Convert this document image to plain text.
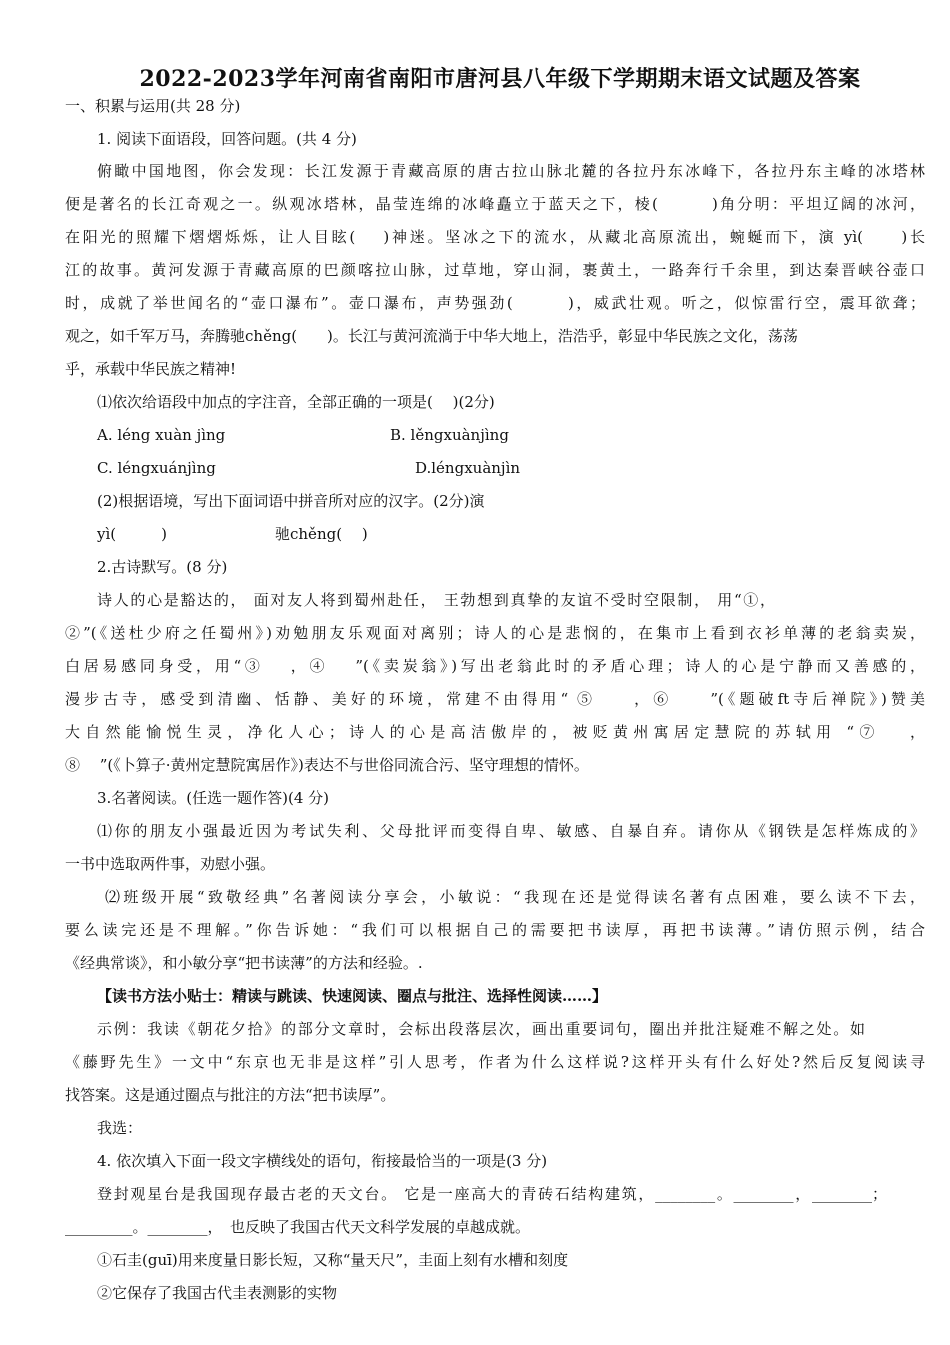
2022-2023学年河南省南阳市唐河县八年级下学期期末语文试题及答案
一、积累与运用(共 28 分)
1. 阅读下面语段，回答问题。(共 4 分)
俯瞰中国地图，你会发现：长江发源于青藏高原的唐古拉山脉北麓的各拉丹东冰峰下，各拉丹东主峰的冰塔林
便是著名的长江奇观之一。纵观冰塔林，晶莹连绵的冰峰矗立于蓝天之下，棱(　　　)角分明：平坦辽阔的冰河，
在阳光的照耀下熠熠烁烁，让人目眩(　 )神迷。坚冰之下的流水，从藏北高原流出，蜿蜒而下，演 yì(　　)长
江的故事。黄河发源于青藏高原的巴颜喀拉山脉，过草地，穿山洞，裹黄土，一路奔行千余里，到达秦晋峡谷壶口
时，成就了举世闻名的“壶口瀑布”。壶口瀑布，声势强劲(　　　)，威武壮观。听之，似惊雷行空，震耳欲聋；
观之，如千军万马，奔腾驰chěng(　　)。长江与黄河流淌于中华大地上，浩浩乎，彰显中华民族之文化，荡荡
乎，承载中华民族之精神!
⑴依次给语段中加点的字注音，全部正确的一项是(　 )(2分)
A. léng xuàn jìng	B. lěngxuànjìng
C. léngxuánjìng	D.léngxuànjìn
(2)根据语境，写出下面词语中拼音所对应的汉字。(2分)演
yì(　　　)	驰chěng(　 )
2.古诗默写。(8 分)
诗人的心是豁达的， 面对友人将到蜀州赴任， 王勃想到真挚的友谊不受时空限制， 用“①，
②”(《送杜少府之任蜀州》)劝勉朋友乐观面对离别；诗人的心是悲悯的，在集市上看到衣衫单薄的老翁卖炭，
白居易感同身受，用“③　 ，④　 ”(《卖炭翁》)写出老翁此时的矛盾心理；诗人的心是宁静而又善感的，
漫步古寺，感受到清幽、恬静、美好的环境，常建不由得用“ ⑤　　，⑥　　”(《题破ft寺后禅院》)赞美
大自然能愉悦生灵，净化人心；诗人的心是高洁傲岸的，被贬黄州寓居定慧院的苏轼用 “⑦　 ，
⑧　 ”(《卜算子·黄州定慧院寓居作》)表达不与世俗同流合污、坚守理想的情怀。
3.名著阅读。(任选一题作答)(4 分)
⑴你的朋友小强最近因为考试失利、父母批评而变得自卑、敏感、自暴自弃。请你从《钢铁是怎样炼成的》
一书中选取两件事，劝慰小强。
⑵班级开展“致敬经典”名著阅读分享会，小敏说：“我现在还是觉得读名著有点困难，要么读不下去，
要么读完还是不理解。”你告诉她：“我们可以根据自己的需要把书读厚，再把书读薄。”请仿照示例，结合
《经典常谈》，和小敏分享“把书读薄”的方法和经验。.
【读书方法小贴士：精读与跳读、快速阅读、圈点与批注、选择性阅读……】
示例：我读《朝花夕拾》的部分文章时，会标出段落层次，画出重要词句，圈出并批注疑难不解之处。如
《藤野先生》一文中“东京也无非是这样”引人思考，作者为什么这样说?这样开头有什么好处?然后反复阅读寻
找答案。这是通过圈点与批注的方法“把书读厚”。
我选：
4. 依次填入下面一段文字横线处的语句，衔接最恰当的一项是(3 分)
登封观星台是我国现存最古老的天文台。 它是一座高大的青砖石结构建筑，________。________，________；
_________。________，　也反映了我国古代天文科学发展的卓越成就。
①石圭(guī)用来度量日影长短，又称“量天尺”，圭面上刻有水槽和刻度
②它保存了我国古代圭表测影的实物
